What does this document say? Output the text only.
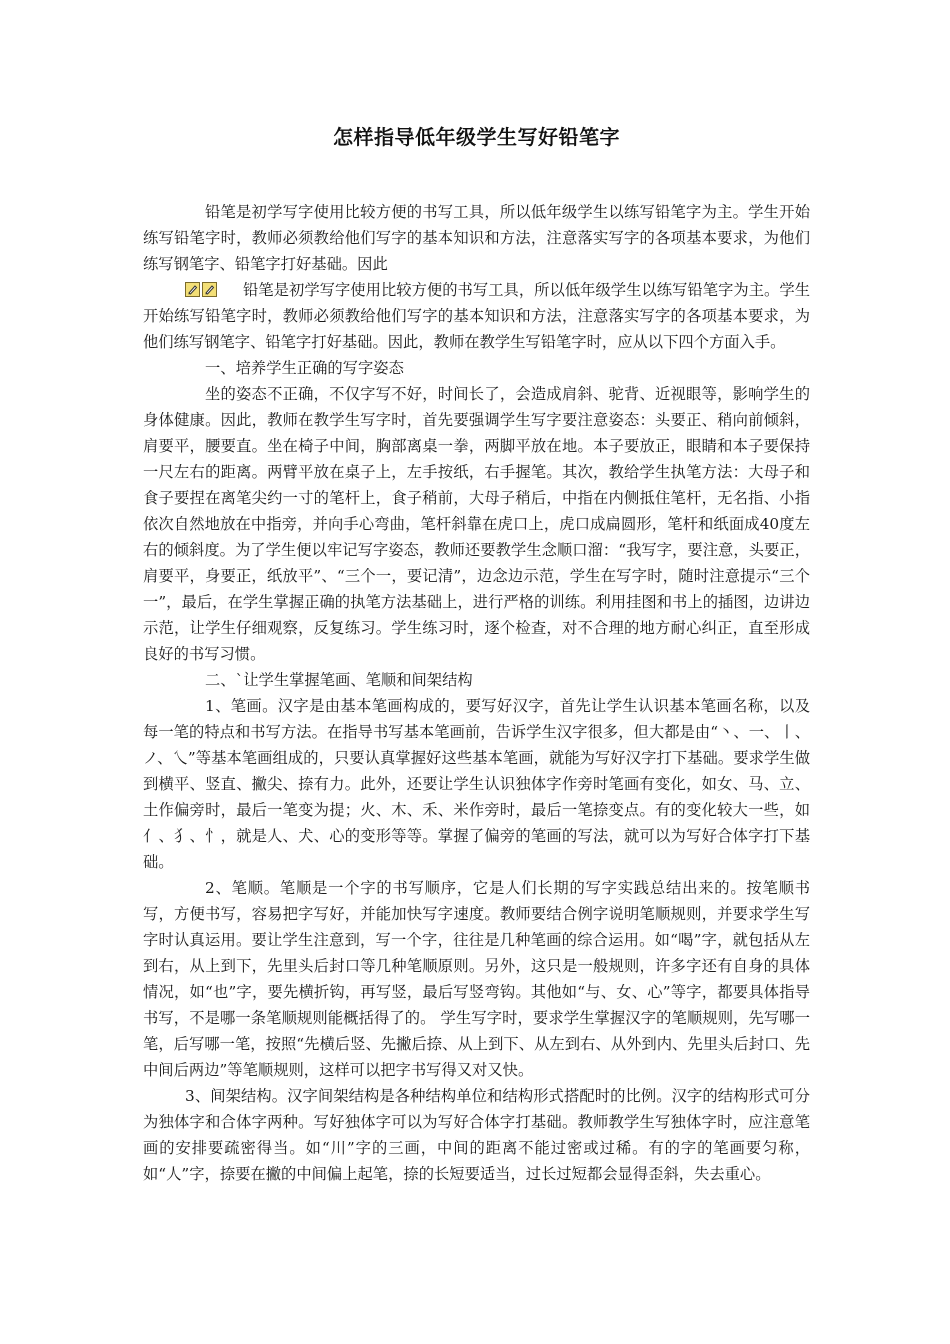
怎样指导低年级学生写好铅笔字

铅笔是初学写字使用比较方便的书写工具，所以低年级学生以练写铅笔字为主。学生开始练写铅笔字时，教师必须教给他们写字的基本知识和方法，注意落实写字的各项基本要求，为他们练写钢笔字、铅笔字打好基础。因此

铅笔是初学写字使用比较方便的书写工具，所以低年级学生以练写铅笔字为主。学生开始练写铅笔字时，教师必须教给他们写字的基本知识和方法，注意落实写字的各项基本要求，为他们练写钢笔字、铅笔字打好基础。因此，教师在教学生写铅笔字时，应从以下四个方面入手。

一、培养学生正确的写字姿态

坐的姿态不正确，不仅字写不好，时间长了，会造成肩斜、驼背、近视眼等，影响学生的身体健康。因此，教师在教学生写字时，首先要强调学生写字要注意姿态：头要正、稍向前倾斜，肩要平，腰要直。坐在椅子中间，胸部离桌一拳，两脚平放在地。本子要放正，眼睛和本子要保持一尺左右的距离。两臂平放在桌子上，左手按纸，右手握笔。其次，教给学生执笔方法：大母子和食子要捏在离笔尖约一寸的笔杆上，食子稍前，大母子稍后，中指在内侧抵住笔杆，无名指、小指依次自然地放在中指旁，并向手心弯曲，笔杆斜靠在虎口上，虎口成扁圆形，笔杆和纸面成40度左右的倾斜度。为了学生便以牢记写字姿态，教师还要教学生念顺口溜：“我写字，要注意，头要正，肩要平，身要正，纸放平”、“三个一，要记清”，边念边示范，学生在写字时，随时注意提示“三个一”，最后，在学生掌握正确的执笔方法基础上，进行严格的训练。利用挂图和书上的插图，边讲边示范，让学生仔细观察，反复练习。学生练习时，逐个检查，对不合理的地方耐心纠正，直至形成良好的书写习惯。

二、`让学生掌握笔画、笔顺和间架结构

1、笔画。汉字是由基本笔画构成的，要写好汉字，首先让学生认识基本笔画名称，以及每一笔的特点和书写方法。在指导书写基本笔画前，告诉学生汉字很多，但大都是由“丶、一、丨、ノ、乀”等基本笔画组成的，只要认真掌握好这些基本笔画，就能为写好汉字打下基础。要求学生做到横平、竖直、撇尖、捺有力。此外，还要让学生认识独体字作旁时笔画有变化，如女、马、立、土作偏旁时，最后一笔变为提；火、木、禾、米作旁时，最后一笔捺变点。有的变化较大一些，如亻、犭、忄，就是人、犬、心的变形等等。掌握了偏旁的笔画的写法，就可以为写好合体字打下基础。

2、笔顺。笔顺是一个字的书写顺序，它是人们长期的写字实践总结出来的。按笔顺书写，方便书写，容易把字写好，并能加快写字速度。教师要结合例字说明笔顺规则，并要求学生写字时认真运用。要让学生注意到，写一个字，往往是几种笔画的综合运用。如“喝”字，就包括从左到右，从上到下，先里头后封口等几种笔顺原则。另外，这只是一般规则，许多字还有自身的具体情况，如“也”字，要先横折钩，再写竖，最后写竖弯钩。其他如“与、女、心”等字，都要具体指导书写，不是哪一条笔顺规则能概括得了的。 学生写字时，要求学生掌握汉字的笔顺规则，先写哪一笔，后写哪一笔，按照“先横后竖、先撇后捺、从上到下、从左到右、从外到内、先里头后封口、先中间后两边”等笔顺规则，这样可以把字书写得又对又快。

3、间架结构。汉字间架结构是各种结构单位和结构形式搭配时的比例。汉字的结构形式可分为独体字和合体字两种。写好独体字可以为写好合体字打基础。教师教学生写独体字时，应注意笔画的安排要疏密得当。如“川”字的三画，中间的距离不能过密或过稀。有的字的笔画要匀称，如“人”字，捺要在撇的中间偏上起笔，捺的长短要适当，过长过短都会显得歪斜，失去重心。
